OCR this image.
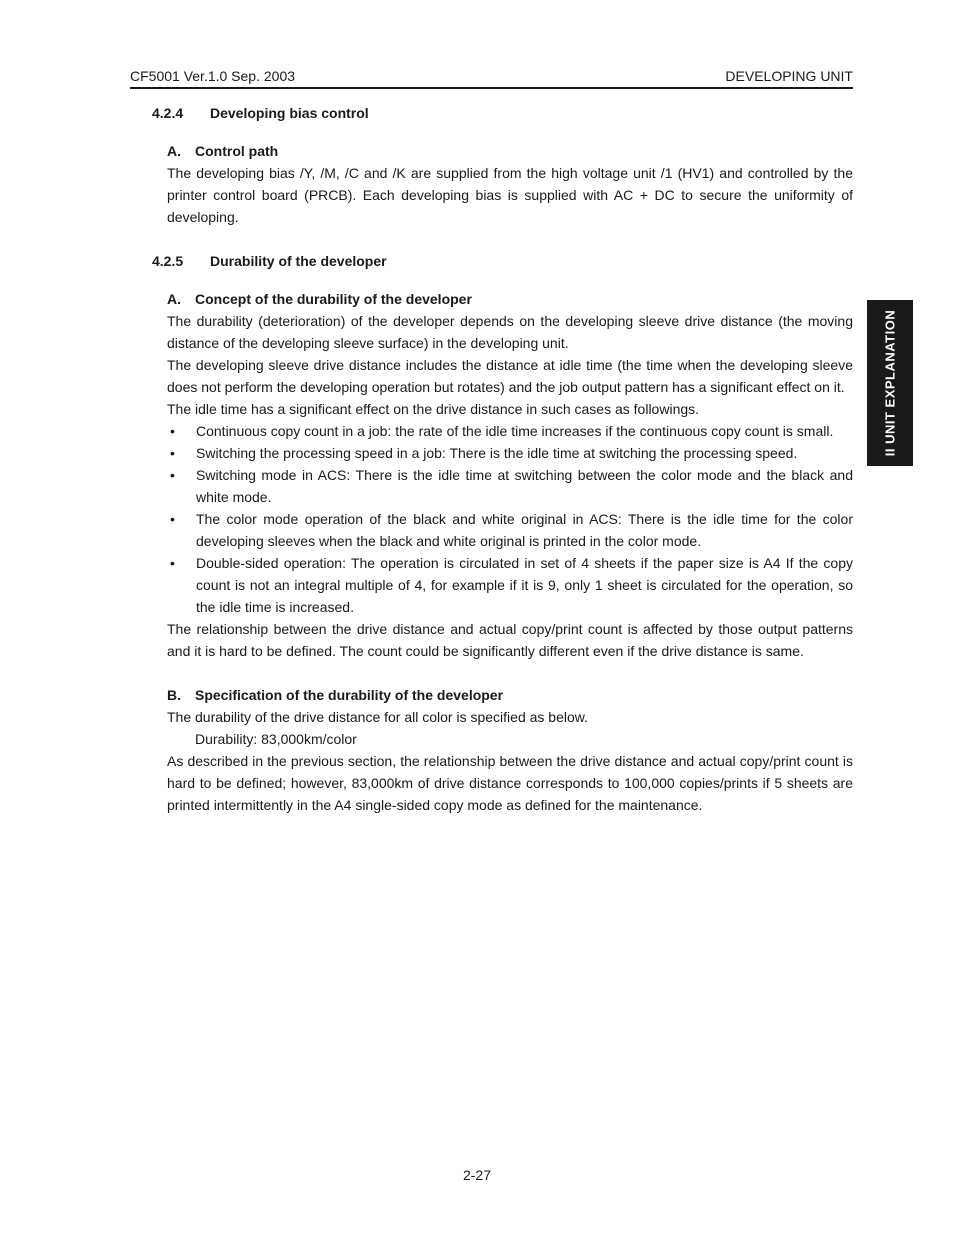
CF5001 Ver.1.0 Sep. 2003	DEVELOPING UNIT
II UNIT EXPLANATION

4.2.4 Developing bias control

A. Control path

The developing bias /Y, /M, /C and /K are supplied from the high voltage unit /1 (HV1) and controlled by the printer control board (PRCB). Each developing bias is supplied with AC + DC to secure the uniformity of developing.

4.2.5 Durability of the developer

A. Concept of the durability of the developer

The durability (deterioration) of the developer depends on the developing sleeve drive distance (the moving distance of the developing sleeve surface) in the developing unit.

The developing sleeve drive distance includes the distance at idle time (the time when the developing sleeve does not perform the developing operation but rotates) and the job output pattern has a significant effect on it.

The idle time has a significant effect on the drive distance in such cases as followings.

• Continuous copy count in a job: the rate of the idle time increases if the continuous copy count is small.
• Switching the processing speed in a job: There is the idle time at switching the processing speed.
• Switching mode in ACS: There is the idle time at switching between the color mode and the black and white mode.
• The color mode operation of the black and white original in ACS: There is the idle time for the color developing sleeves when the black and white original is printed in the color mode.
• Double-sided operation: The operation is circulated in set of 4 sheets if the paper size is A4 If the copy count is not an integral multiple of 4, for example if it is 9, only 1 sheet is circulated for the operation, so the idle time is increased.

The relationship between the drive distance and actual copy/print count is affected by those output patterns and it is hard to be defined. The count could be significantly different even if the drive distance is same.

B. Specification of the durability of the developer

The durability of the drive distance for all color is specified as below.

Durability: 83,000km/color

As described in the previous section, the relationship between the drive distance and actual copy/print count is hard to be defined; however, 83,000km of drive distance corresponds to 100,000 copies/prints if 5 sheets are printed intermittently in the A4 single-sided copy mode as defined for the maintenance.

2-27
